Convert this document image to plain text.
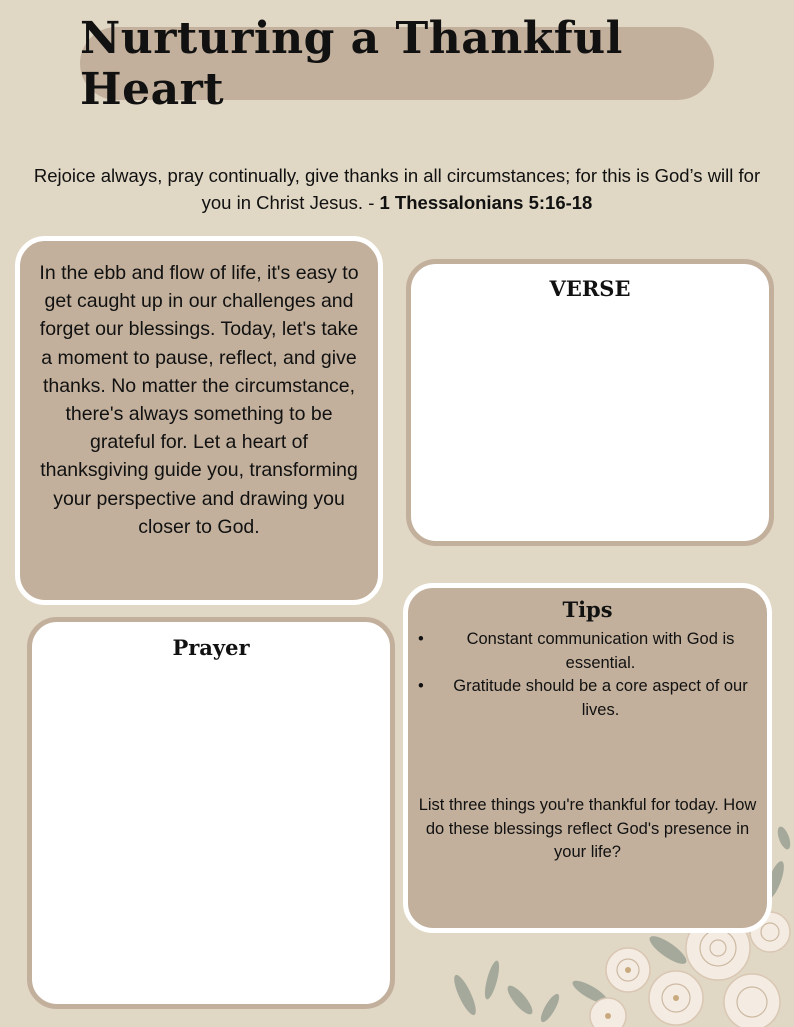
Nurturing a Thankful Heart

Rejoice always, pray continually, give thanks in all circumstances; for this is God’s will for you in Christ Jesus. - 1 Thessalonians 5:16-18

In the ebb and flow of life, it's easy to get caught up in our challenges and forget our blessings. Today, let's take a moment to pause, reflect, and give thanks. No matter the circumstance, there's always something to be grateful for. Let a heart of thanksgiving guide you, transforming your perspective and drawing you closer to God.

VERSE
Prayer
Tips
•	Constant communication with God is essential.
• Gratitude should be a core aspect of our lives.

List three things you're thankful for today. How do these blessings reflect God's presence in your life?
